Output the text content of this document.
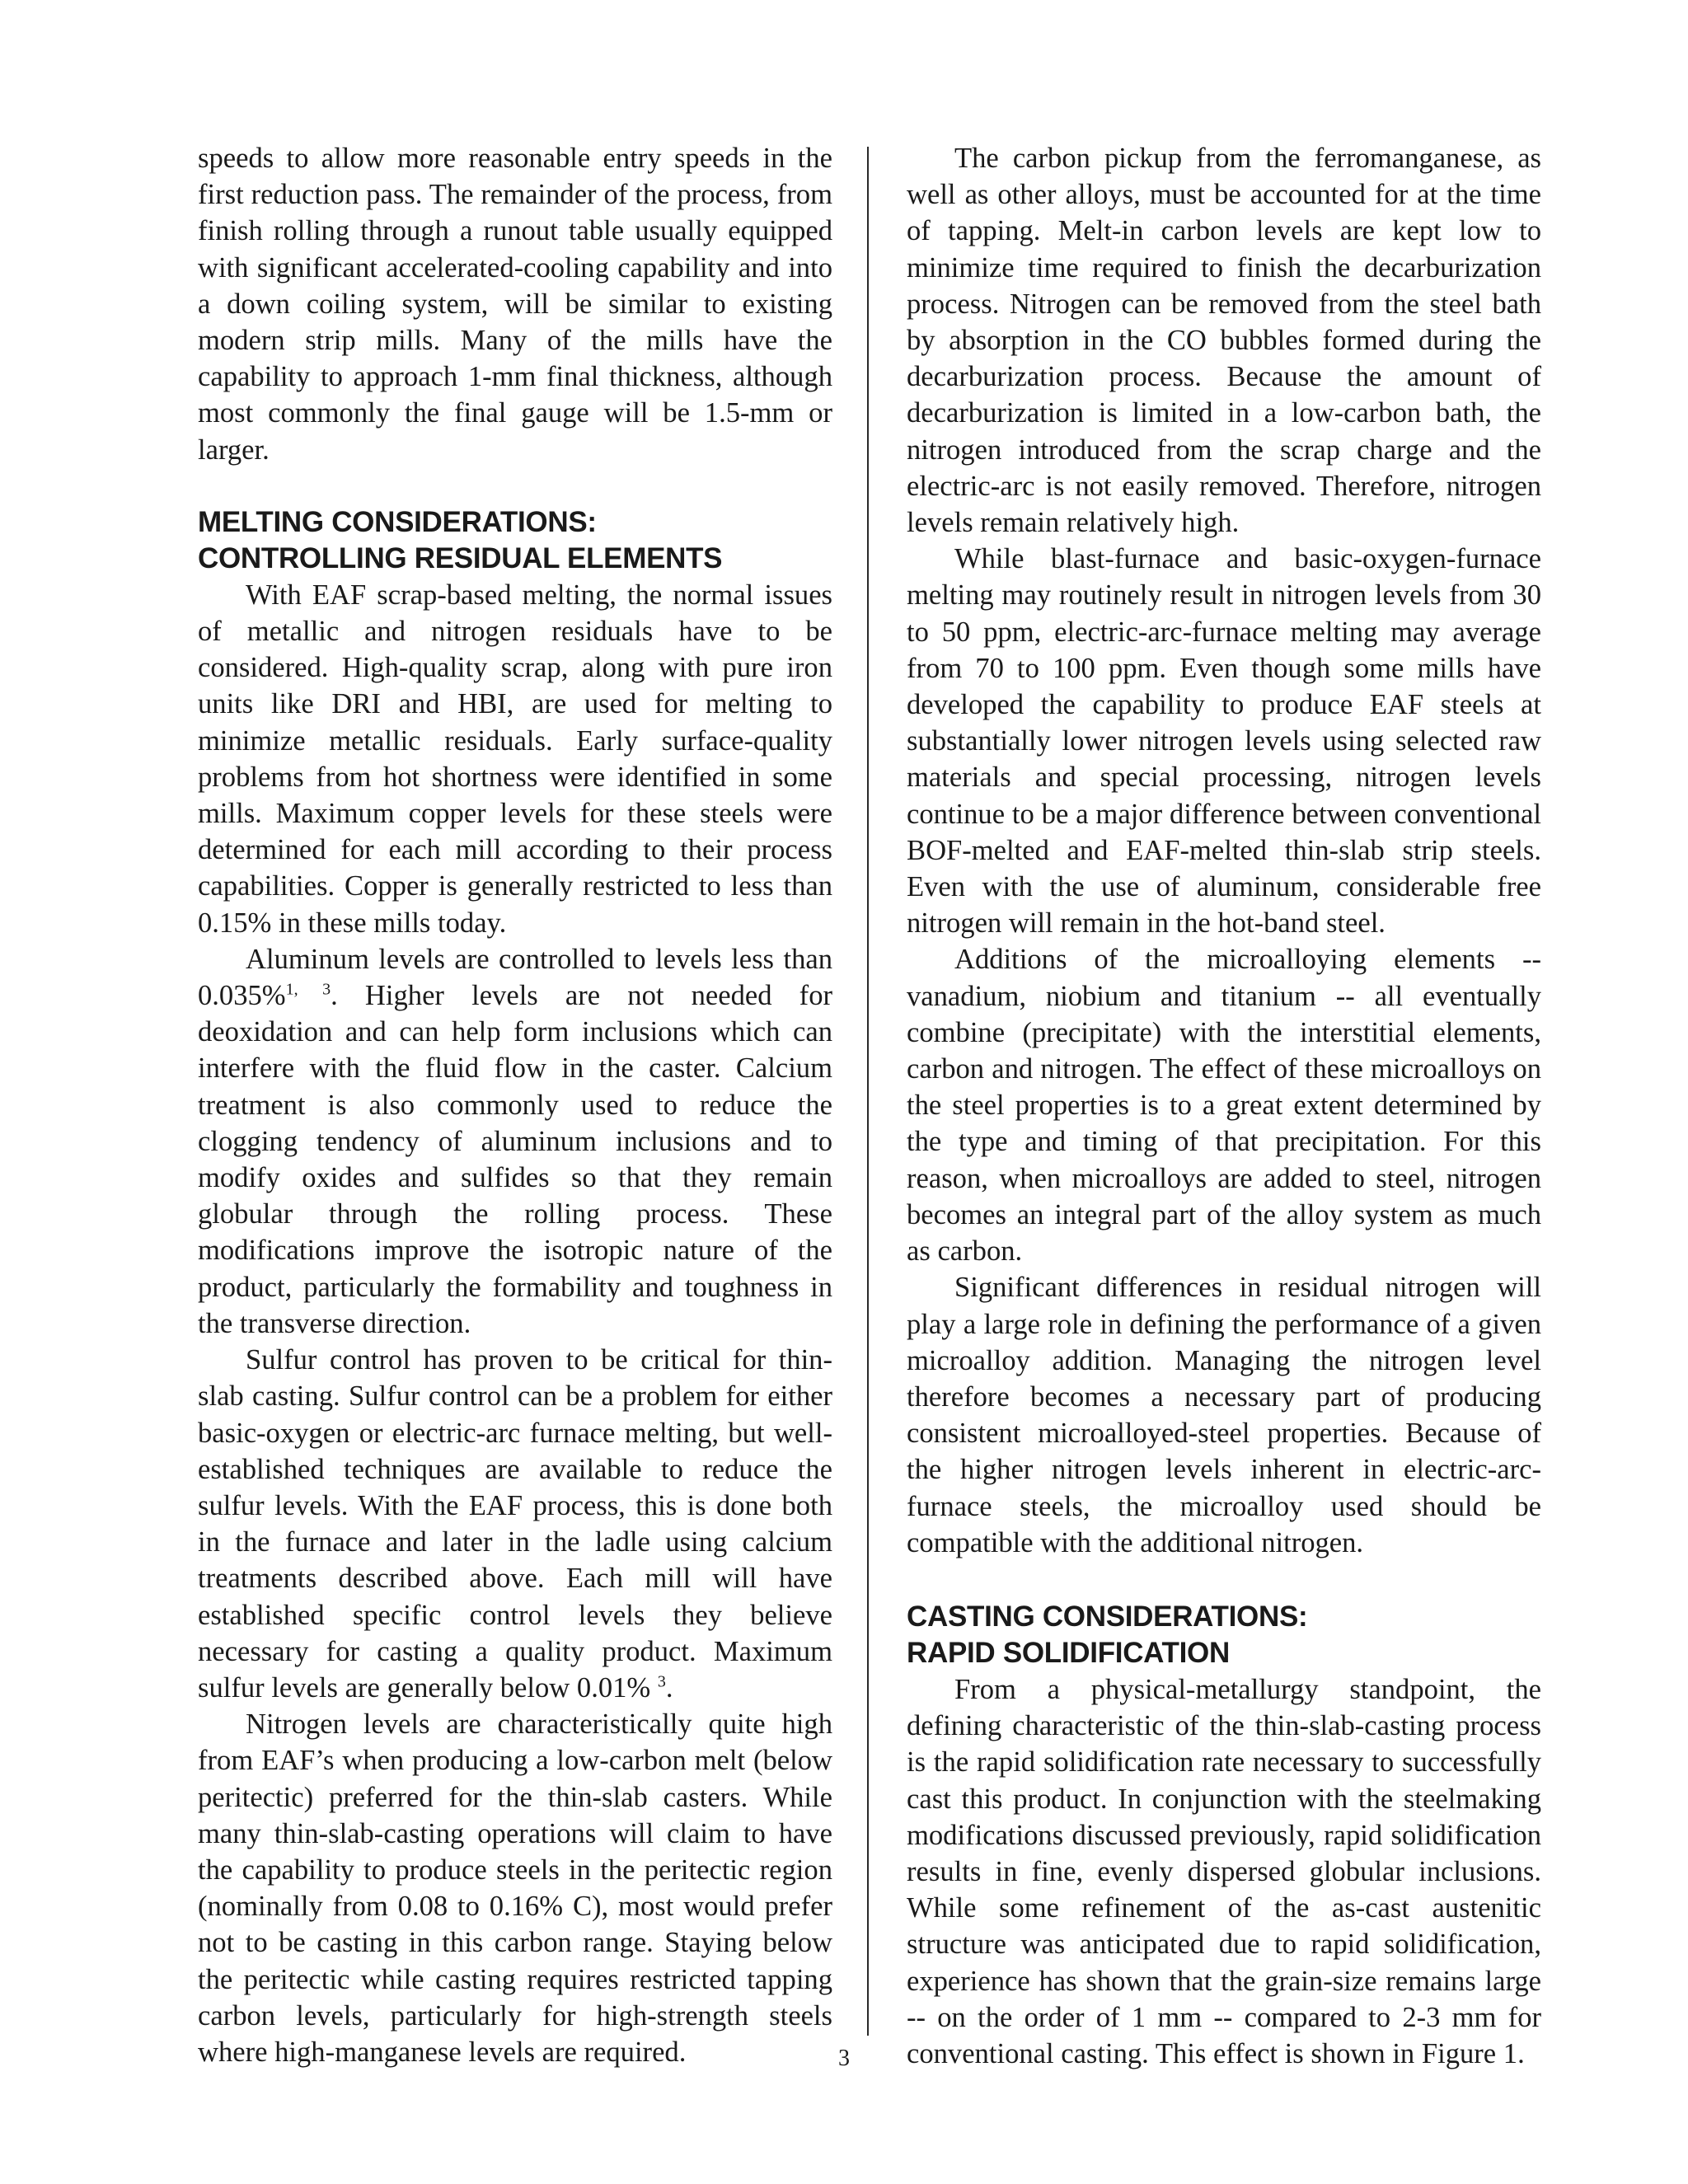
speeds to allow more reasonable entry speeds in the first reduction pass. The remainder of the process, from finish rolling through a runout table usually equipped with significant accelerated-cooling capability and into a down coiling system, will be similar to existing modern strip mills. Many of the mills have the capability to approach 1-mm final thickness, although most commonly the final gauge will be 1.5-mm or larger.

MELTING CONSIDERATIONS:
CONTROLLING RESIDUAL ELEMENTS

With EAF scrap-based melting, the normal issues of metallic and nitrogen residuals have to be considered. High-quality scrap, along with pure iron units like DRI and HBI, are used for melting to minimize metallic residuals. Early surface-quality problems from hot shortness were identified in some mills. Maximum copper levels for these steels were determined for each mill according to their process capabilities. Copper is generally restricted to less than 0.15% in these mills today.

Aluminum levels are controlled to levels less than 0.035%$^{1, 3}$. Higher levels are not needed for deoxidation and can help form inclusions which can interfere with the fluid flow in the caster. Calcium treatment is also commonly used to reduce the clogging tendency of aluminum inclusions and to modify oxides and sulfides so that they remain globular through the rolling process. These modifications improve the isotropic nature of the product, particularly the formability and toughness in the transverse direction.

Sulfur control has proven to be critical for thin-slab casting. Sulfur control can be a problem for either basic-oxygen or electric-arc furnace melting, but well-established techniques are available to reduce the sulfur levels. With the EAF process, this is done both in the furnace and later in the ladle using calcium treatments described above. Each mill will have established specific control levels they believe necessary for casting a quality product. Maximum sulfur levels are generally below 0.01% $^3$.

Nitrogen levels are characteristically quite high from EAF’s when producing a low-carbon melt (below peritectic) preferred for the thin-slab casters. While many thin-slab-casting operations will claim to have the capability to produce steels in the peritectic region (nominally from 0.08 to 0.16% C), most would prefer not to be casting in this carbon range. Staying below the peritectic while casting requires restricted tapping carbon levels, particularly for high-strength steels where high-manganese levels are required.

The carbon pickup from the ferromanganese, as well as other alloys, must be accounted for at the time of tapping. Melt-in carbon levels are kept low to minimize time required to finish the decarburization process. Nitrogen can be removed from the steel bath by absorption in the CO bubbles formed during the decarburization process. Because the amount of decarburization is limited in a low-carbon bath, the nitrogen introduced from the scrap charge and the electric-arc is not easily removed. Therefore, nitrogen levels remain relatively high.

While blast-furnace and basic-oxygen-furnace melting may routinely result in nitrogen levels from 30 to 50 ppm, electric-arc-furnace melting may average from 70 to 100 ppm. Even though some mills have developed the capability to produce EAF steels at substantially lower nitrogen levels using selected raw materials and special processing, nitrogen levels continue to be a major difference between conventional BOF-melted and EAF-melted thin-slab strip steels. Even with the use of aluminum, considerable free nitrogen will remain in the hot-band steel.

Additions of the microalloying elements -- vanadium, niobium and titanium -- all eventually combine (precipitate) with the interstitial elements, carbon and nitrogen. The effect of these microalloys on the steel properties is to a great extent determined by the type and timing of that precipitation. For this reason, when microalloys are added to steel, nitrogen becomes an integral part of the alloy system as much as carbon.

Significant differences in residual nitrogen will play a large role in defining the performance of a given microalloy addition. Managing the nitrogen level therefore becomes a necessary part of producing consistent microalloyed-steel properties. Because of the higher nitrogen levels inherent in electric-arc-furnace steels, the microalloy used should be compatible with the additional nitrogen.

CASTING CONSIDERATIONS:
RAPID SOLIDIFICATION

From a physical-metallurgy standpoint, the defining characteristic of the thin-slab-casting process is the rapid solidification rate necessary to successfully cast this product. In conjunction with the steelmaking modifications discussed previously, rapid solidification results in fine, evenly dispersed globular inclusions. While some refinement of the as-cast austenitic structure was anticipated due to rapid solidification, experience has shown that the grain-size remains large -- on the order of 1 mm -- compared to 2-3 mm for conventional casting. This effect is shown in Figure 1.

3
